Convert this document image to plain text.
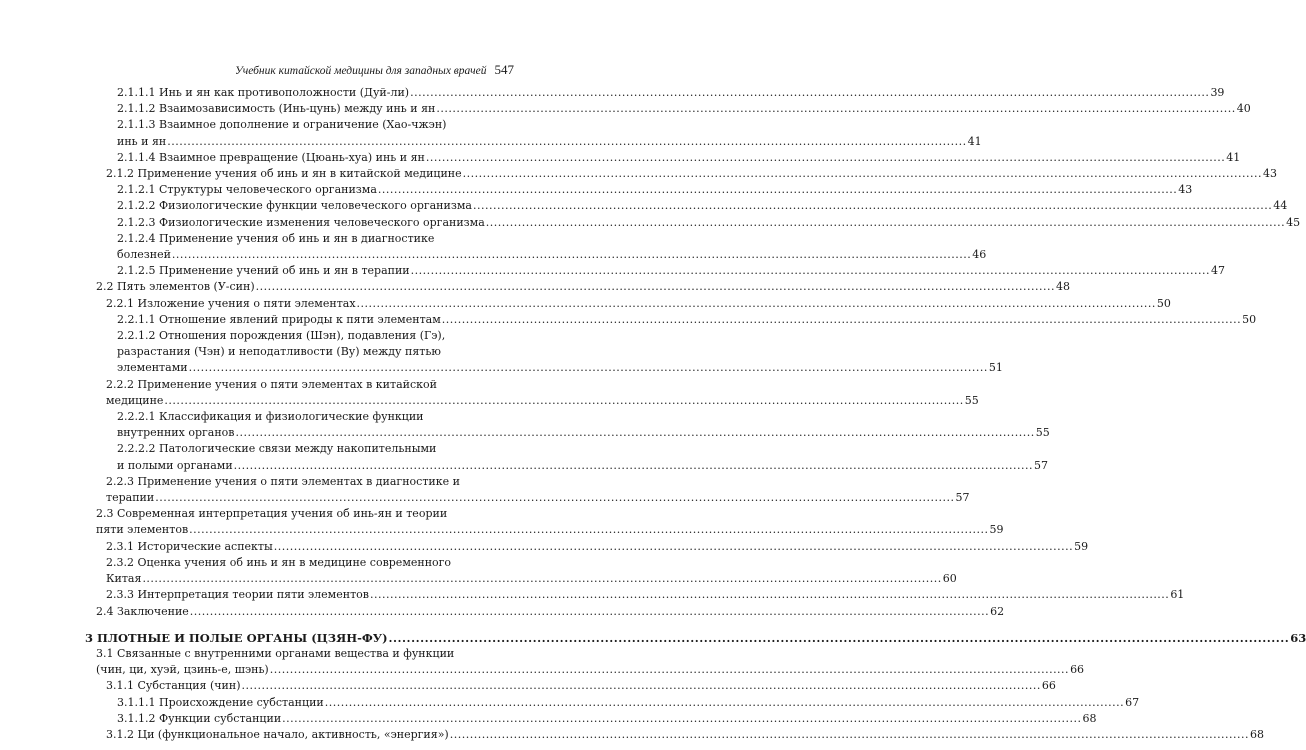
Учебник китайской медицины для западных врачей 547
2.1.1.1 Инь и ян как противоположности (Дуй-ли) ........................................................................................................................................................................................................ 39
2.1.1.2 Взаимозависимость (Инь-цунь) между инь и ян ........................................................................................................................................................................................................ 40
2.1.1.3 Взаимное дополнение и ограничение (Хао-чжэн)
инь и ян ........................................................................................................................................................................................................ 41
2.1.1.4 Взаимное превращение (Цюань-хуа) инь и ян ........................................................................................................................................................................................................ 41
2.1.2 Применение учения об инь и ян в китайской медицине ........................................................................................................................................................................................................ 43
2.1.2.1 Структуры человеческого организма ........................................................................................................................................................................................................ 43
2.1.2.2 Физиологические функции человеческого организма ........................................................................................................................................................................................................ 44
2.1.2.3 Физиологические изменения человеческого организма ........................................................................................................................................................................................................ 45
2.1.2.4 Применение учения об инь и ян в диагностике
болезней ........................................................................................................................................................................................................ 46
2.1.2.5 Применение учений об инь и ян в терапии ........................................................................................................................................................................................................ 47
2.2 Пять элементов (У-син) ........................................................................................................................................................................................................ 48
2.2.1 Изложение учения о пяти элементах ........................................................................................................................................................................................................ 50
2.2.1.1 Отношение явлений природы к пяти элементам ........................................................................................................................................................................................................ 50
2.2.1.2 Отношения порождения (Шэн), подавления (Гэ),
разрастания (Чэн) и неподатливости (Ву) между пятью
элементами ........................................................................................................................................................................................................ 51
2.2.2 Применение учения о пяти элементах в китайской
медицине ........................................................................................................................................................................................................ 55
2.2.2.1 Классификация и физиологические функции
внутренних органов ........................................................................................................................................................................................................ 55
2.2.2.2 Патологические связи между накопительными
и полыми органами ........................................................................................................................................................................................................ 57
2.2.3 Применение учения о пяти элементах в диагностике и
терапии ........................................................................................................................................................................................................ 57
2.3 Современная интерпретация учения об инь-ян и теории
пяти элементов ........................................................................................................................................................................................................ 59
2.3.1 Исторические аспекты ........................................................................................................................................................................................................ 59
2.3.2 Оценка учения об инь и ян в медицине современного
Китая ........................................................................................................................................................................................................ 60
2.3.3 Интерпретация теории пяти элементов ........................................................................................................................................................................................................ 61
2.4 Заключение ........................................................................................................................................................................................................ 62
3 ПЛОТНЫЕ И ПОЛЫЕ ОРГАНЫ (ЦЗЯН-ФУ) ........................................................................................................................................................................................................ 63
3.1 Связанные с внутренними органами вещества и функции
(чин, ци, хуэй, цзинь-е, шэнь) ........................................................................................................................................................................................................ 66
3.1.1 Субстанция (чин) ........................................................................................................................................................................................................ 66
3.1.1.1 Происхождение субстанции ........................................................................................................................................................................................................ 67
3.1.1.2 Функции субстанции ........................................................................................................................................................................................................ 68
3.1.2 Ци (функциональное начало, активность, «энергия») ........................................................................................................................................................................................................ 68
